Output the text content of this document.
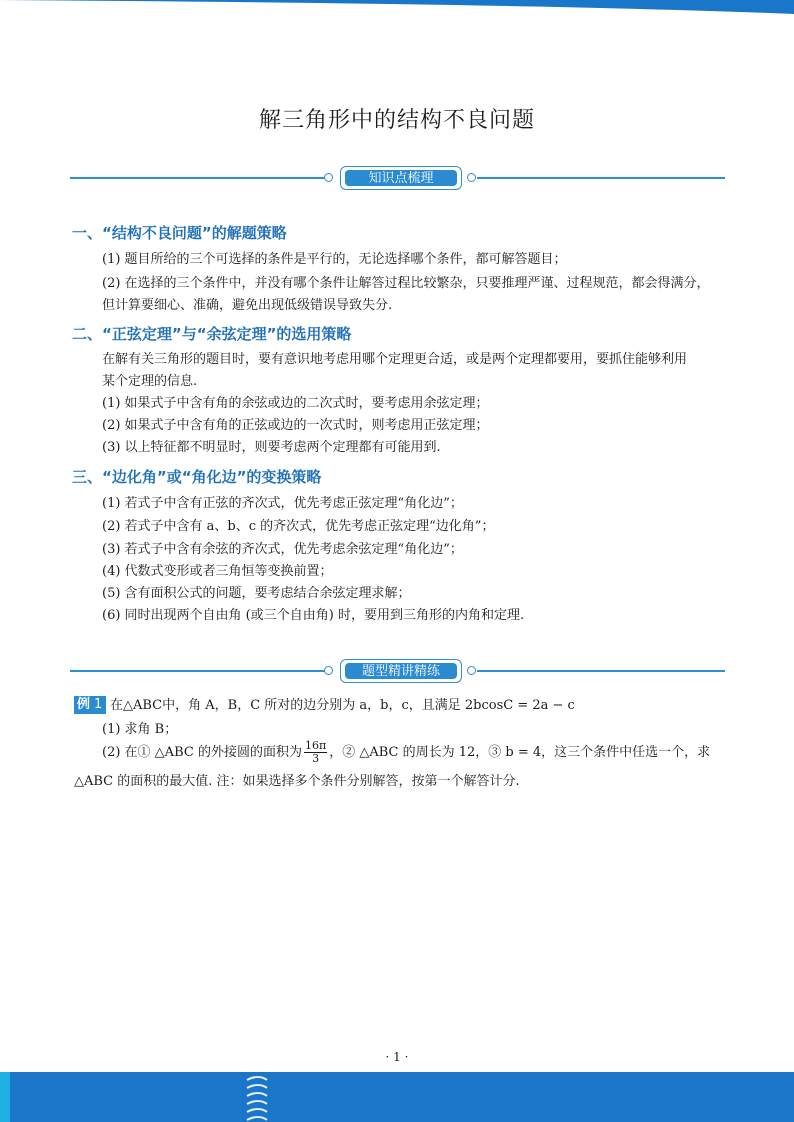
解三角形中的结构不良问题
知识点梳理
一、“结构不良问题”的解题策略
(1) 题目所给的三个可选择的条件是平行的，无论选择哪个条件，都可解答题目；
(2) 在选择的三个条件中，并没有哪个条件让解答过程比较繁杂，只要推理严谨、过程规范，都会得满分，
但计算要细心、准确，避免出现低级错误导致失分.
二、“正弦定理”与“余弦定理”的选用策略
在解有关三角形的题目时，要有意识地考虑用哪个定理更合适，或是两个定理都要用，要抓住能够利用
某个定理的信息.
(1) 如果式子中含有角的余弦或边的二次式时，要考虑用余弦定理；
(2) 如果式子中含有角的正弦或边的一次式时，则考虑用正弦定理；
(3) 以上特征都不明显时，则要考虑两个定理都有可能用到.
三、“边化角”或“角化边”的变换策略
(1) 若式子中含有正弦的齐次式，优先考虑正弦定理“角化边”；
(2) 若式子中含有 a、b、c 的齐次式，优先考虑正弦定理“边化角”；
(3) 若式子中含有余弦的齐次式，优先考虑余弦定理“角化边”；
(4) 代数式变形或者三角恒等变换前置；
(5) 含有面积公式的问题，要考虑结合余弦定理求解；
(6) 同时出现两个自由角 (或三个自由角) 时，要用到三角形的内角和定理.
题型精讲精练
例 1 在△ABC中，角 A，B，C 所对的边分别为 a，b，c，且满足 2bcosC = 2a − c
(1) 求角 B；
(2) 在① △ABC 的外接圆的面积为 $\frac{16\pi}{3}$ ，② △ABC 的周长为 12，③ b = 4，这三个条件中任选一个，求
△ABC 的面积的最大值. 注：如果选择多个条件分别解答，按第一个解答计分.
· 1 ·
